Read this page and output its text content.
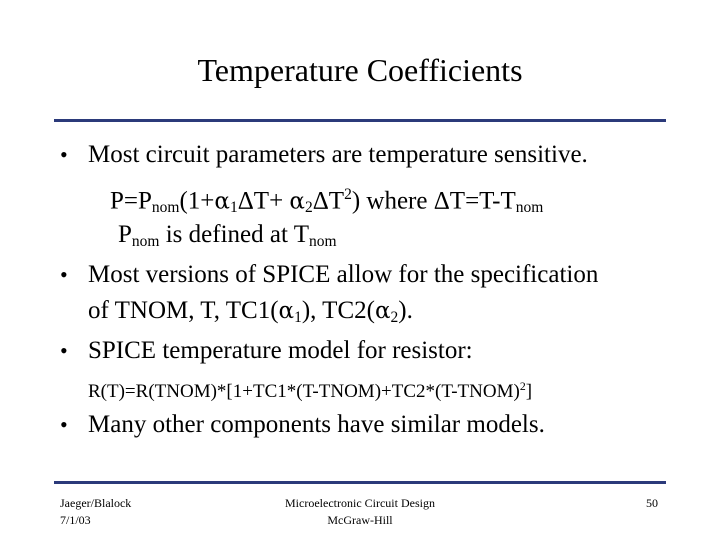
Temperature Coefficients
• Most circuit parameters are temperature sensitive.
$P=P_{nom}(1+\alpha_1\Delta T+ \alpha_2\Delta T^2)$ where $\Delta T=T-T_{nom}$
$P_{nom}$ is defined at $T_{nom}$
• Most versions of SPICE allow for the specification
of TNOM, T, $TC1(\alpha_1)$, $TC2(\alpha_2)$.
• SPICE temperature model for resistor:
R(T)=R(TNOM)*[1+TC1*(T-TNOM)+TC2*(T-TNOM)$^2$]
• Many other components have similar models.
Jaeger/Blalock
7/1/03
Microelectronic Circuit Design
McGraw-Hill
50
